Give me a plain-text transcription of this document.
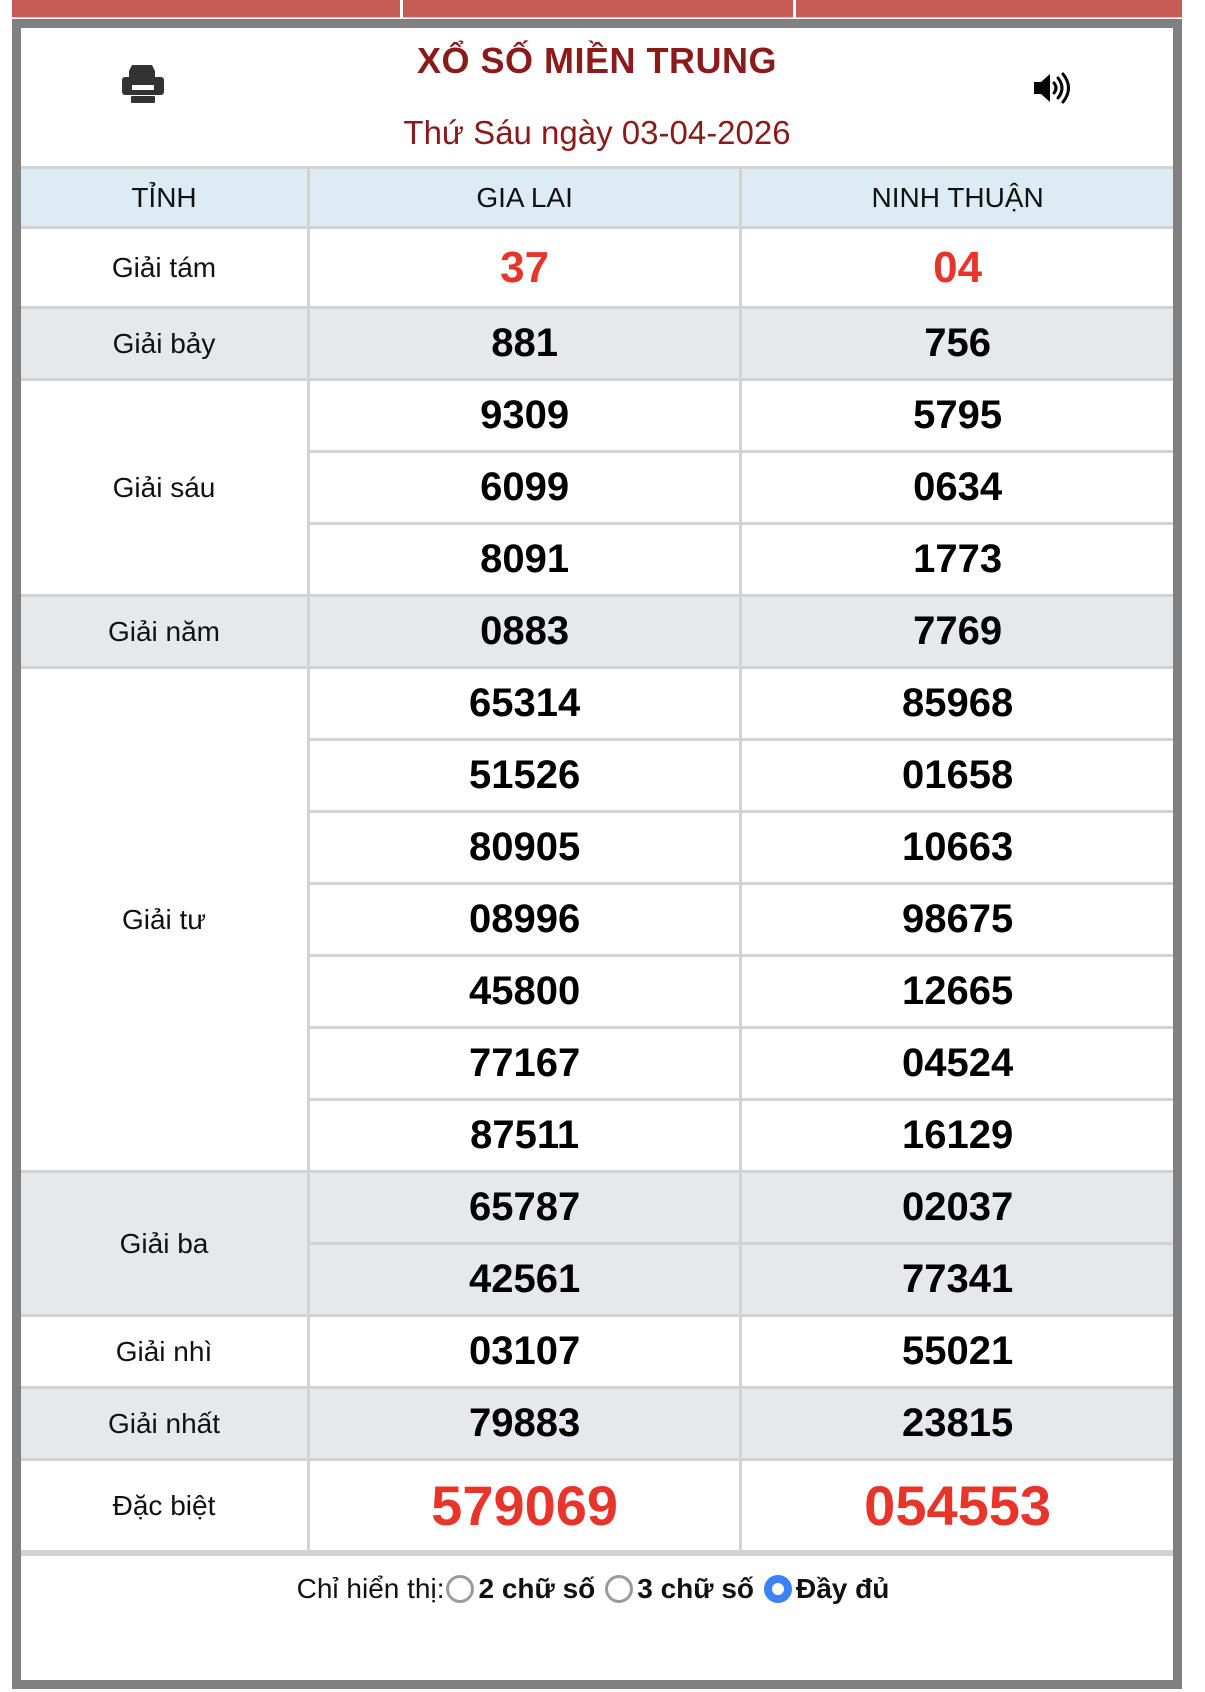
XỔ SỐ MIỀN TRUNG
Thứ Sáu ngày 03-04-2026
TỈNH	GIA LAI	NINH THUẬN
Giải tám	37	04
Giải bảy	881	756
Giải sáu	9309	5795
	6099	0634
	8091	1773
Giải năm	0883	7769
Giải tư	65314	85968
	51526	01658
	80905	10663
	08996	98675
	45800	12665
	77167	04524
	87511	16129
Giải ba	65787	02037
	42561	77341
Giải nhì	03107	55021
Giải nhất	79883	23815
Đặc biệt	579069	054553
Chỉ hiển thị: 2 chữ số 3 chữ số Đầy đủ
